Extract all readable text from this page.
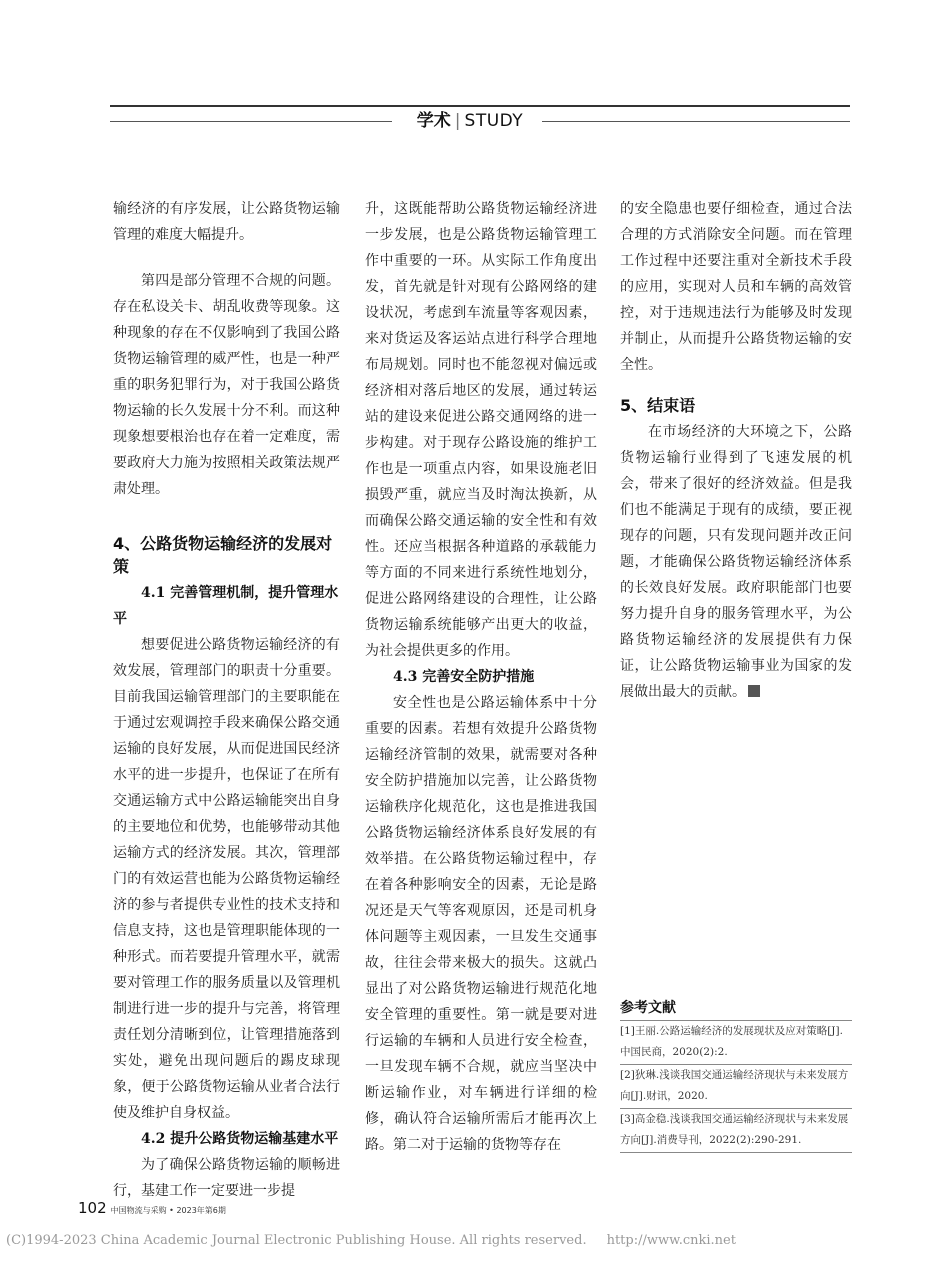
学术 | STUDY

输经济的有序发展，让公路货物运输管理的难度大幅提升。

第四是部分管理不合规的问题。存在私设关卡、胡乱收费等现象。这种现象的存在不仅影响到了我国公路货物运输管理的威严性，也是一种严重的职务犯罪行为，对于我国公路货物运输的长久发展十分不利。而这种现象想要根治也存在着一定难度，需要政府大力施为按照相关政策法规严肃处理。

4、公路货物运输经济的发展对策
4.1 完善管理机制，提升管理水平

想要促进公路货物运输经济的有效发展，管理部门的职责十分重要。目前我国运输管理部门的主要职能在于通过宏观调控手段来确保公路交通运输的良好发展，从而促进国民经济水平的进一步提升，也保证了在所有交通运输方式中公路运输能突出自身的主要地位和优势，也能够带动其他运输方式的经济发展。其次，管理部门的有效运营也能为公路货物运输经济的参与者提供专业性的技术支持和信息支持，这也是管理职能体现的一种形式。而若要提升管理水平，就需要对管理工作的服务质量以及管理机制进行进一步的提升与完善，将管理责任划分清晰到位，让管理措施落到实处，避免出现问题后的踢皮球现象，便于公路货物运输从业者合法行使及维护自身权益。

4.2 提升公路货物运输基建水平

为了确保公路货物运输的顺畅进行，基建工作一定要进一步提

升，这既能帮助公路货物运输经济进一步发展，也是公路货物运输管理工作中重要的一环。从实际工作角度出发，首先就是针对现有公路网络的建设状况，考虑到车流量等客观因素，来对货运及客运站点进行科学合理地布局规划。同时也不能忽视对偏远或经济相对落后地区的发展，通过转运站的建设来促进公路交通网络的进一步构建。对于现存公路设施的维护工作也是一项重点内容，如果设施老旧损毁严重，就应当及时淘汰换新，从而确保公路交通运输的安全性和有效性。还应当根据各种道路的承载能力等方面的不同来进行系统性地划分，促进公路网络建设的合理性，让公路货物运输系统能够产出更大的收益，为社会提供更多的作用。

4.3 完善安全防护措施

安全性也是公路运输体系中十分重要的因素。若想有效提升公路货物运输经济管制的效果，就需要对各种安全防护措施加以完善，让公路货物运输秩序化规范化，这也是推进我国公路货物运输经济体系良好发展的有效举措。在公路货物运输过程中，存在着各种影响安全的因素，无论是路况还是天气等客观原因，还是司机身体问题等主观因素，一旦发生交通事故，往往会带来极大的损失。这就凸显出了对公路货物运输进行规范化地安全管理的重要性。第一就是要对进行运输的车辆和人员进行安全检查，一旦发现车辆不合规，就应当坚决中断运输作业，对车辆进行详细的检修，确认符合运输所需后才能再次上路。第二对于运输的货物等存在

的安全隐患也要仔细检查，通过合法合理的方式消除安全问题。而在管理工作过程中还要注重对全新技术手段的应用，实现对人员和车辆的高效管控，对于违规违法行为能够及时发现并制止，从而提升公路货物运输的安全性。

5、结束语

在市场经济的大环境之下，公路货物运输行业得到了飞速发展的机会，带来了很好的经济效益。但是我们也不能满足于现有的成绩，要正视现存的问题，只有发现问题并改正问题，才能确保公路货物运输经济体系的长效良好发展。政府职能部门也要努力提升自身的服务管理水平，为公路货物运输经济的发展提供有力保证，让公路货物运输事业为国家的发展做出最大的贡献。

参考文献
[1]王丽.公路运输经济的发展现状及应对策略[J].中国民商，2020(2):2.
[2]狄琳.浅谈我国交通运输经济现状与未来发展方向[J].财讯，2020.
[3]高金稳.浅谈我国交通运输经济现状与未来发展方向[J].消费导刊，2022(2):290-291.
102 中国物流与采购 • 2023年第6期
(C)1994-2023 China Academic Journal Electronic Publishing House. All rights reserved. http://www.cnki.net
